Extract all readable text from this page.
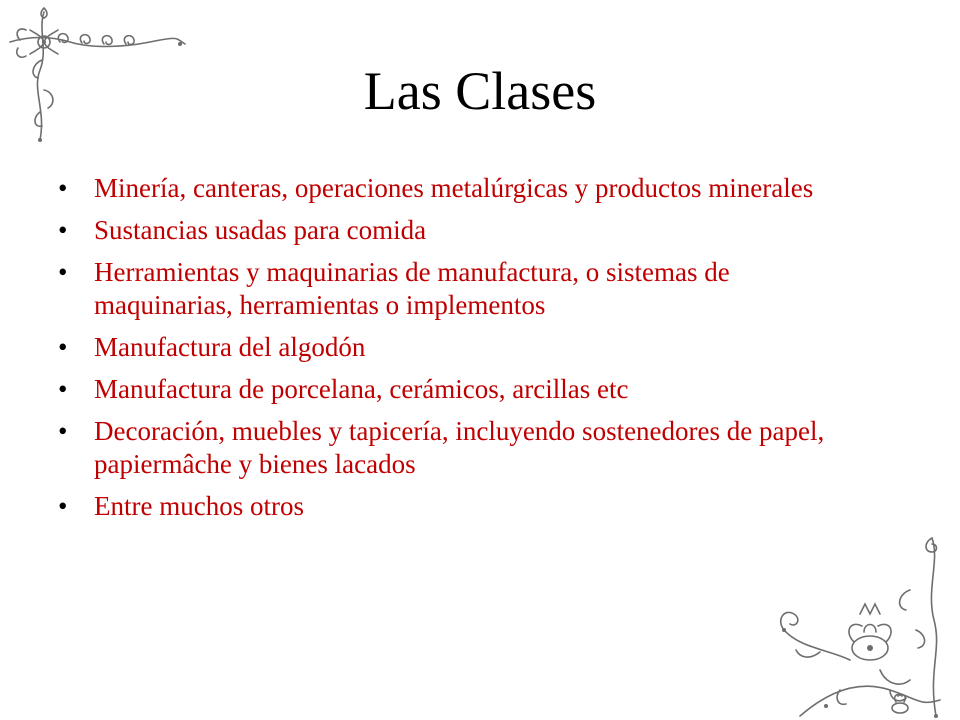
Las Clases
• Minería, canteras, operaciones metalúrgicas y productos minerales
• Sustancias usadas para comida
• Herramientas y maquinarias de manufactura, o sistemas de maquinarias, herramientas o implementos
• Manufactura del algodón
• Manufactura de porcelana, cerámicos, arcillas etc
• Decoración, muebles y tapicería, incluyendo sostenedores de papel, papiermâche y bienes lacados
• Entre muchos otros
